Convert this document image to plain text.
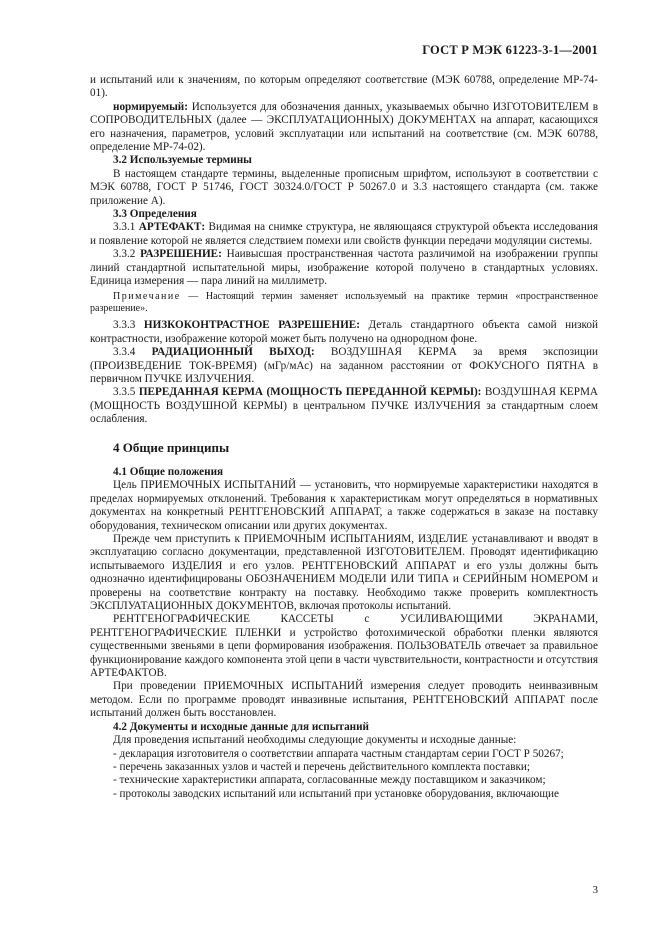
ГОСТ Р МЭК 61223-3-1—2001

и испытаний или к значениям, по которым определяют соответствие (МЭК 60788, определение МР-74-01).

нормируемый: Используется для обозначения данных, указываемых обычно ИЗГОТОВИТЕЛЕМ в СОПРОВОДИТЕЛЬНЫХ (далее — ЭКСПЛУАТАЦИОННЫХ) ДОКУМЕНТАХ на аппарат, касающихся его назначения, параметров, условий эксплуатации или испытаний на соответствие (см. МЭК 60788, определение МР-74-02).

3.2 Используемые термины

В настоящем стандарте термины, выделенные прописным шрифтом, используют в соответствии с МЭК 60788, ГОСТ Р 51746, ГОСТ 30324.0/ГОСТ Р 50267.0 и 3.3 настоящего стандарта (см. также приложение А).

3.3 Определения

3.3.1 АРТЕФАКТ: Видимая на снимке структура, не являющаяся структурой объекта исследования и появление которой не является следствием помехи или свойств функции передачи модуляции системы.

3.3.2 РАЗРЕШЕНИЕ: Наивысшая пространственная частота различимой на изображении группы линий стандартной испытательной миры, изображение которой получено в стандартных условиях. Единица измерения — пара линий на миллиметр.

Примечание — Настоящий термин заменяет используемый на практике термин «пространственное разрешение».

3.3.3 НИЗКОКОНТРАСТНОЕ РАЗРЕШЕНИЕ: Деталь стандартного объекта самой низкой контрастности, изображение которой может быть получено на однородном фоне.

3.3.4 РАДИАЦИОННЫЙ ВЫХОД: ВОЗДУШНАЯ КЕРМА за время экспозиции (ПРОИЗВЕДЕНИЕ ТОК-ВРЕМЯ) (мГр/мАс) на заданном расстоянии от ФОКУСНОГО ПЯТНА в первичном ПУЧКЕ ИЗЛУЧЕНИЯ.

3.3.5 ПЕРЕДАННАЯ КЕРМА (МОЩНОСТЬ ПЕРЕДАННОЙ КЕРМЫ): ВОЗДУШНАЯ КЕРМА (МОЩНОСТЬ ВОЗДУШНОЙ КЕРМЫ) в центральном ПУЧКЕ ИЗЛУЧЕНИЯ за стандартным слоем ослабления.

4 Общие принципы

4.1 Общие положения

Цель ПРИЕМОЧНЫХ ИСПЫТАНИЙ — установить, что нормируемые характеристики находятся в пределах нормируемых отклонений. Требования к характеристикам могут определяться в нормативных документах на конкретный РЕНТГЕНОВСКИЙ АППАРАТ, а также содержаться в заказе на поставку оборудования, техническом описании или других документах.

Прежде чем приступить к ПРИЕМОЧНЫМ ИСПЫТАНИЯМ, ИЗДЕЛИЕ устанавливают и вводят в эксплуатацию согласно документации, представленной ИЗГОТОВИТЕЛЕМ. Проводят идентификацию испытываемого ИЗДЕЛИЯ и его узлов. РЕНТГЕНОВСКИЙ АППАРАТ и его узлы должны быть однозначно идентифицированы ОБОЗНАЧЕНИЕМ МОДЕЛИ ИЛИ ТИПА и СЕРИЙНЫМ НОМЕРОМ и проверены на соответствие контракту на поставку. Необходимо также проверить комплектность ЭКСПЛУАТАЦИОННЫХ ДОКУМЕНТОВ, включая протоколы испытаний.

РЕНТГЕНОГРАФИЧЕСКИЕ КАССЕТЫ с УСИЛИВАЮЩИМИ ЭКРАНАМИ, РЕНТГЕНОГРАФИЧЕСКИЕ ПЛЕНКИ и устройство фотохимической обработки пленки являются существенными звеньями в цепи формирования изображения. ПОЛЬЗОВАТЕЛЬ отвечает за правильное функционирование каждого компонента этой цепи в части чувствительности, контрастности и отсутствия АРТЕФАКТОВ.

При проведении ПРИЕМОЧНЫХ ИСПЫТАНИЙ измерения следует проводить неинвазивным методом. Если по программе проводят инвазивные испытания, РЕНТГЕНОВСКИЙ АППАРАТ после испытаний должен быть восстановлен.

4.2 Документы и исходные данные для испытаний

Для проведения испытаний необходимы следующие документы и исходные данные:

- декларация изготовителя о соответствии аппарата частным стандартам серии ГОСТ Р 50267;

- перечень заказанных узлов и частей и перечень действительного комплекта поставки;

- технические характеристики аппарата, согласованные между поставщиком и заказчиком;

- протоколы заводских испытаний или испытаний при установке оборудования, включающие

3
